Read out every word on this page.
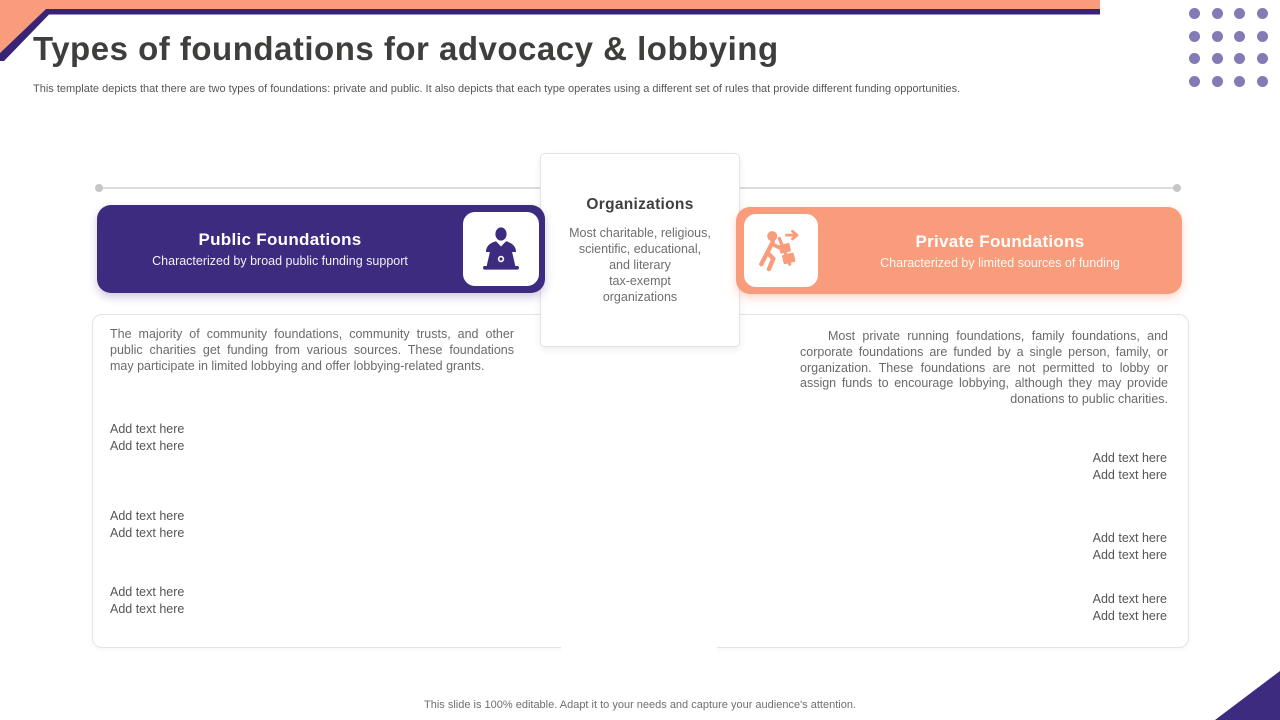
Types of foundations for advocacy & lobbying
This template depicts that there are two types of foundations: private and public. It also depicts that each type operates using a different set of rules that provide different funding opportunities.
Organizations
Most charitable, religious,
scientific, educational,
and literary
tax-exempt
organizations
Public Foundations
Characterized by broad public funding support
Private Foundations
Characterized by limited sources of funding
The majority of community foundations, community trusts, and other public charities get funding from various sources. These foundations may participate in limited lobbying and offer lobbying-related grants.
Most private running foundations, family foundations, and corporate foundations are funded by a single person, family, or organization. These foundations are not permitted to lobby or assign funds to encourage lobbying, although they may provide donations to public charities.
Add text here
Add text here
Add text here
Add text here
Add text here
Add text here
Add text here
Add text here
Add text here
Add text here
Add text here
Add text here
This slide is 100% editable. Adapt it to your needs and capture your audience's attention.
